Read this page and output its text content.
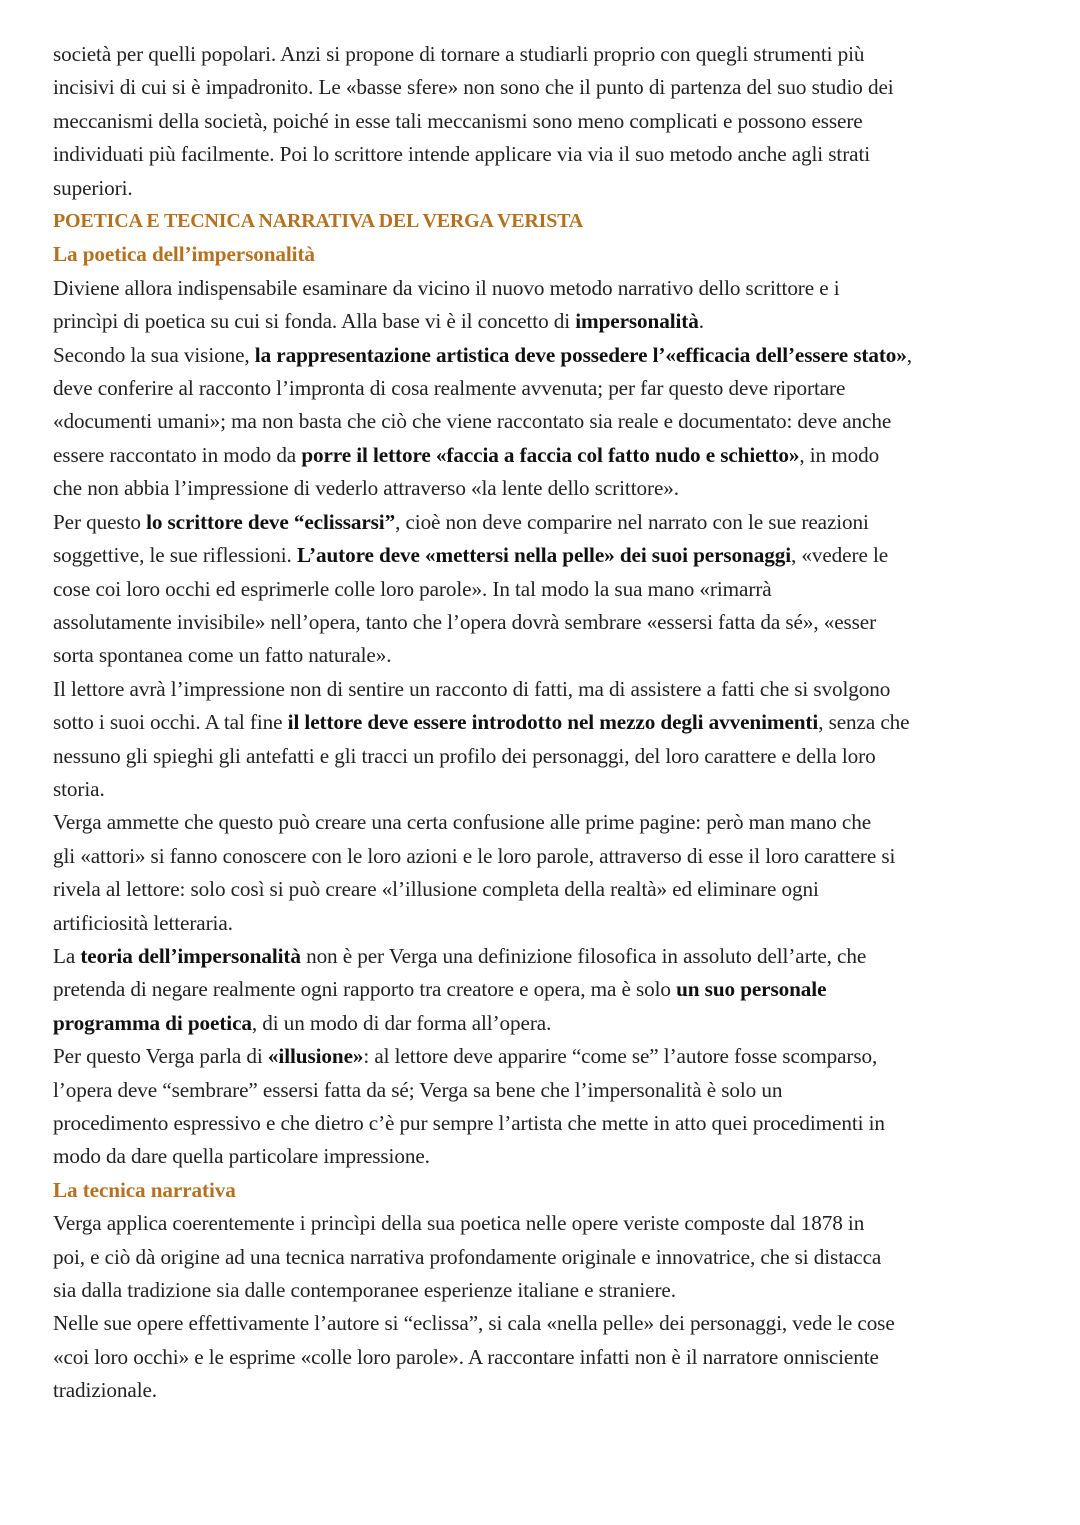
società per quelli popolari. Anzi si propone di tornare a studiarli proprio con quegli strumenti più
incisivi di cui si è impadronito. Le «basse sfere» non sono che il punto di partenza del suo studio dei
meccanismi della società, poiché in esse tali meccanismi sono meno complicati e possono essere
individuati più facilmente. Poi lo scrittore intende applicare via via il suo metodo anche agli strati
superiori.
POETICA E TECNICA NARRATIVA DEL VERGA VERISTA
La poetica dell’impersonalità
Diviene allora indispensabile esaminare da vicino il nuovo metodo narrativo dello scrittore e i
princìpi di poetica su cui si fonda. Alla base vi è il concetto di impersonalità.
Secondo la sua visione, la rappresentazione artistica deve possedere l’«efficacia dell’essere stato»,
deve conferire al racconto l’impronta di cosa realmente avvenuta; per far questo deve riportare
«documenti umani»; ma non basta che ciò che viene raccontato sia reale e documentato: deve anche
essere raccontato in modo da porre il lettore «faccia a faccia col fatto nudo e schietto», in modo
che non abbia l’impressione di vederlo attraverso «la lente dello scrittore».
Per questo lo scrittore deve “eclissarsi”, cioè non deve comparire nel narrato con le sue reazioni
soggettive, le sue riflessioni. L’autore deve «mettersi nella pelle» dei suoi personaggi, «vedere le
cose coi loro occhi ed esprimerle colle loro parole». In tal modo la sua mano «rimarrà
assolutamente invisibile» nell’opera, tanto che l’opera dovrà sembrare «essersi fatta da sé», «esser
sorta spontanea come un fatto naturale».
Il lettore avrà l’impressione non di sentire un racconto di fatti, ma di assistere a fatti che si svolgono
sotto i suoi occhi. A tal fine il lettore deve essere introdotto nel mezzo degli avvenimenti, senza che
nessuno gli spieghi gli antefatti e gli tracci un profilo dei personaggi, del loro carattere e della loro
storia.
Verga ammette che questo può creare una certa confusione alle prime pagine: però man mano che
gli «attori» si fanno conoscere con le loro azioni e le loro parole, attraverso di esse il loro carattere si
rivela al lettore: solo così si può creare «l’illusione completa della realtà» ed eliminare ogni
artificiosità letteraria.
La teoria dell’impersonalità non è per Verga una definizione filosofica in assoluto dell’arte, che
pretenda di negare realmente ogni rapporto tra creatore e opera, ma è solo un suo personale
programma di poetica, di un modo di dar forma all’opera.
Per questo Verga parla di «illusione»: al lettore deve apparire “come se” l’autore fosse scomparso,
l’opera deve “sembrare” essersi fatta da sé; Verga sa bene che l’impersonalità è solo un
procedimento espressivo e che dietro c’è pur sempre l’artista che mette in atto quei procedimenti in
modo da dare quella particolare impressione.
La tecnica narrativa
Verga applica coerentemente i princìpi della sua poetica nelle opere veriste composte dal 1878 in
poi, e ciò dà origine ad una tecnica narrativa profondamente originale e innovatrice, che si distacca
sia dalla tradizione sia dalle contemporanee esperienze italiane e straniere.
Nelle sue opere effettivamente l’autore si “eclissa”, si cala «nella pelle» dei personaggi, vede le cose
«coi loro occhi» e le esprime «colle loro parole». A raccontare infatti non è il narratore onnisciente
tradizionale.
